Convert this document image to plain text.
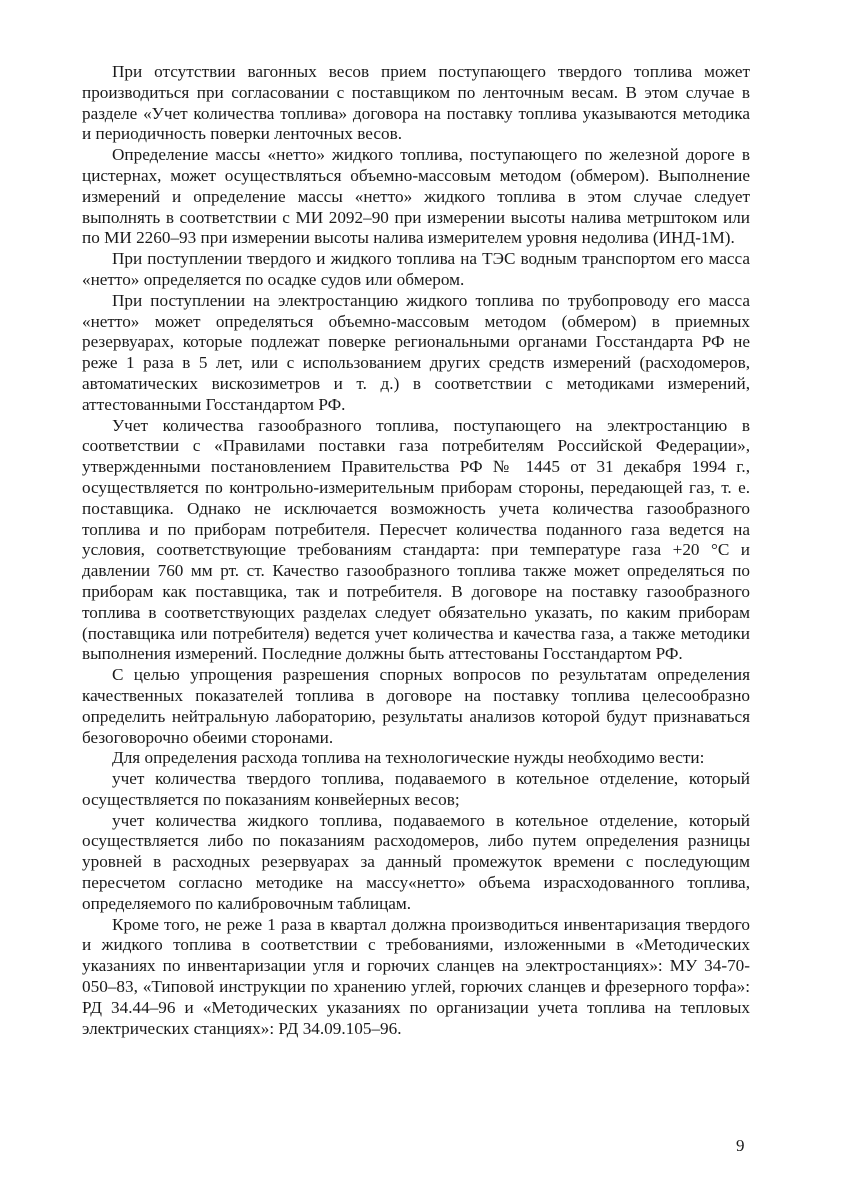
При отсутствии вагонных весов прием поступающего твердого топлива может производиться при согласовании с поставщиком по ленточным весам. В этом случае в разделе «Учет количества топлива» договора на поставку топлива указываются методика и периодичность поверки ленточных весов.

Определение массы «нетто» жидкого топлива, поступающего по железной дороге в цистернах, может осуществляться объемно-массовым методом (обмером). Выполнение измерений и определение массы «нетто» жидкого топлива в этом случае следует выполнять в соответствии с МИ 2092–90 при измерении высоты налива метрштоком или по МИ 2260–93 при измерении высоты налива измерителем уровня недолива (ИНД-1М).

При поступлении твердого и жидкого топлива на ТЭС водным транспортом его масса «нетто» определяется по осадке судов или обмером.

При поступлении на электростанцию жидкого топлива по трубопроводу его масса «нетто» может определяться объемно-массовым методом (обмером) в приемных резервуарах, которые подлежат поверке региональными органами Госстандарта РФ не реже 1 раза в 5 лет, или с использованием других средств измерений (расходомеров, автоматических вискозиметров и т. д.) в соответствии с методиками измерений, аттестованными Госстандартом РФ.

Учет количества газообразного топлива, поступающего на электростанцию в соответствии с «Правилами поставки газа потребителям Российской Федерации», утвержденными постановлением Правительства РФ № 1445 от 31 декабря 1994 г., осуществляется по контрольно-измерительным приборам стороны, передающей газ, т. е. поставщика. Однако не исключается возможность учета количества газообразного топлива и по приборам потребителя. Пересчет количества поданного газа ведется на условия, соответствующие требованиям стандарта: при температуре газа +20 °С и давлении 760 мм рт. ст. Качество газообразного топлива также может определяться по приборам как поставщика, так и потребителя. В договоре на поставку газообразного топлива в соответствующих разделах следует обязательно указать, по каким приборам (поставщика или потребителя) ведется учет количества и качества газа, а также методики выполнения измерений. Последние должны быть аттестованы Госстандартом РФ.

С целью упрощения разрешения спорных вопросов по результатам определения качественных показателей топлива в договоре на поставку топлива целесообразно определить нейтральную лабораторию, результаты анализов которой будут признаваться безоговорочно обеими сторонами.

Для определения расхода топлива на технологические нужды необходимо вести:

учет количества твердого топлива, подаваемого в котельное отделение, который осуществляется по показаниям конвейерных весов;

учет количества жидкого топлива, подаваемого в котельное отделение, который осуществляется либо по показаниям расходомеров, либо путем определения разницы уровней в расходных резервуарах за данный промежуток времени с последующим пересчетом согласно методике на массу«нетто» объема израсходованного топлива, определяемого по калибровочным таблицам.

Кроме того, не реже 1 раза в квартал должна производиться инвентаризация твердого и жидкого топлива в соответствии с требованиями, изложенными в «Методических указаниях по инвентаризации угля и горючих сланцев на электростанциях»: МУ 34-70-050–83, «Типовой инструкции по хранению углей, горючих сланцев и фрезерного торфа»: РД 34.44–96 и «Методических указаниях по организации учета топлива на тепловых электрических станциях»: РД 34.09.105–96.

9
